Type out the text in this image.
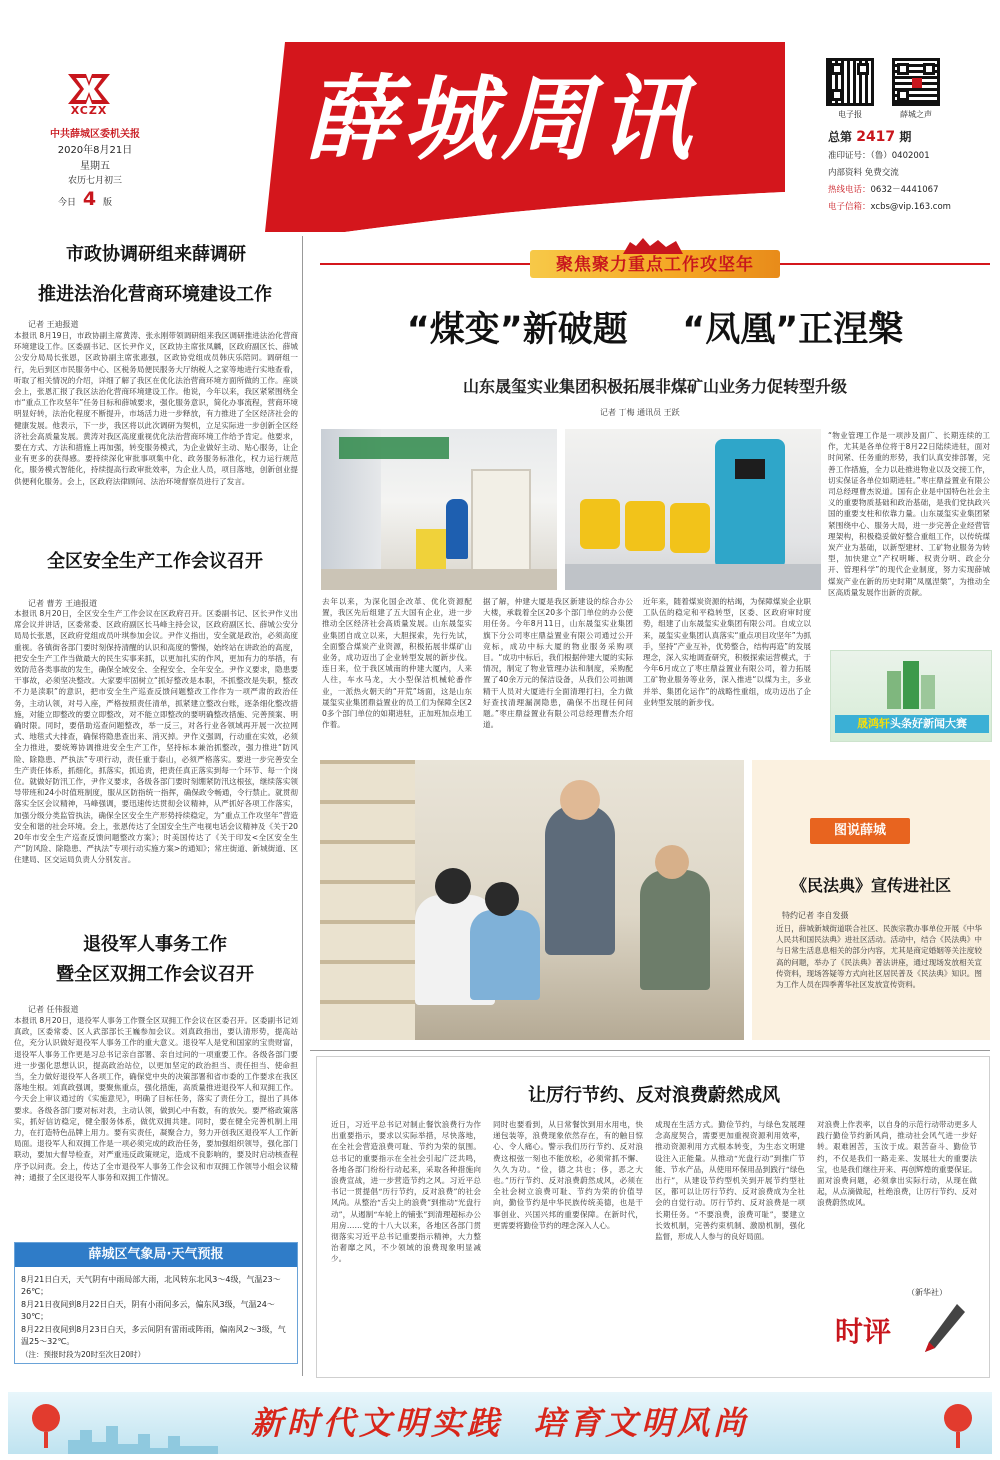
XCZX
中共薛城区委机关报
2020年8月21日
星期五
农历七月初三
今日 4 版
薛城周讯	电子报	薛城之声
总第 2417 期
准印证号：（鲁）0402001
内部资料 免费交流
热线电话：0632－4441067
电子信箱：xcbs@vip.163.com
市政协调研组来薛调研
推进法治化营商环境建设工作
记者 王迪报道
本报讯 8月19日，市政协副主席黄涛、张永刚带领调研组来我区调研推进法治化营商环境建设工作。区委副书记、区长尹作义，区政协主席张凤麟，区政府副区长、薛城公安分局局长张恩，区政协副主席张惠强，区政协党组成员韩庆乐陪同。调研组一行，先后到区市民服务中心、区税务局便民服务大厅纳税人之家等地进行实地查看，听取了相关情况的介绍，详细了解了我区在优化法治营商环境方面所做的工作。座谈会上，张恩汇报了我区法治化营商环境建设工作。他说，今年以来，我区紧紧围绕全市“重点工作攻坚年”任务目标和薛城要求，强化服务意识，简化办事流程，营商环境明显好转，法治化程度不断提升，市场活力进一步释放，有力推进了全区经济社会的健康发展。他表示，下一步，我区将以此次调研为契机，立足实际进一步创新全区经济社会高质量发展。黄涛对我区高度重视优化法治营商环境工作给予肯定。他要求，要在方式、方法和措施上再加强，转变服务模式，为企业做好主动、贴心服务，让企业有更多的获得感。要持续深化审批事项集中化、政务服务标准化，权力运行规范化，服务模式智能化，持续提高行政审批效率，为企业人员，项目落地，创新创业提供便利化服务。会上，区政府法律顾问、法治环境督察员进行了发言。
全区安全生产工作会议召开
记者 曹芳 王迪报道
本报讯 8月20日，全区安全生产工作会议在区政府召开。区委副书记、区长尹作义出席会议并讲话，区委常委、区政府副区长马峰主持会议，区政府副区长、薛城公安分局局长张恩，区政府党组成员叶琪参加会议。尹作义指出，安全就是政治，必须高度重视。各镇街各部门要时刻保持清醒的认识和高度的警惕，始终站在讲政治的高度，把安全生产工作当做最大的民生实事来抓，以更加扎实的作风，更加有力的举措，有效防范各类事故的发生，确保全域安全、全程安全、全年安全。尹作义要求，隐患要干事故，必须坚决整改。大家要牢固树立“抓好整改是本职，不抓整改是失职，整改不力是渎职”的意识，把市安全生产巡查反馈问题整改工作作为一项严肃的政治任务，主动认领，对号入座，严格按照责任清单，抓紧建立整改台账，逐条细化整改措施，对能立即整改的要立即整改，对不能立即整改的要明确整改措施、完善预案、明确时限。同时，要借助巡查问题整改，举一反三，对各行业各领域再开展一次拉网式、地毯式大排查，确保将隐患查出来、消灭掉。尹作义强调，行动重在实效，必须全力推进，要统筹协调推进安全生产工作，坚持标本兼治抓整改，强力推进“防风险、除隐患、严执法”专项行动，责任重于泰山，必须严格落实。要进一步完善安全生产责任体系，抓细化，抓落实，抓追责，把责任真正落实到每一个环节、每一个岗位。就做好防汛工作，尹作义要求，各级各部门要时刻绷紧防汛这根弦，继续落实领导带班和24小时值班制度，服从区防指统一指挥，确保政令畅通，令行禁止。就贯彻落实全区会议精神，马峰强调，要迅速传达贯彻会议精神，从严抓好各项工作落实，加强分级分类监管执法，确保全区安全生产形势持续稳定，为“重点工作攻坚年”营造安全和谐的社会环境。会上，张恩传达了全国安全生产电视电话会议精神及《关于2020年市安全生产巡查反馈问题整改方案》；时美国传达了《关于印发<全区安全生产“防风险、除隐患、严执法”专项行动实施方案>的通知》；常庄街道、新城街道、区住建局、区交运局负责人分别发言。
退役军人事务工作
暨全区双拥工作会议召开
记者 任伟报道
本报讯 8月20日，退役军人事务工作暨全区双拥工作会议在区委召开。区委副书记刘真政，区委常委、区人武部部长王巍参加会议。刘真政指出，要认清形势，提高站位，充分认识做好退役军人事务工作的重大意义。退役军人是党和国家的宝贵财富，退役军人事务工作更是习总书记亲自部署、亲自过问的一项重要工作。各级各部门要进一步强化思想认识，提高政治站位，以更加坚定的政治担当、责任担当、使命担当，全力做好退役军人各项工作，确保党中央的决策部署和省市委的工作要求在我区落地生根。刘真政强调，要聚焦重点，强化措施，高质量推进退役军人和双拥工作。今天会上审议通过的《实施意见》，明确了目标任务，落实了责任分工，提出了具体要求。各级各部门要对标对表，主动认领，做到心中有数，有的放矢。要严格政策落实，抓好信访稳定，健全服务体系，做优双拥共建。同时，要在健全完善机制上用力，在打造特色品牌上用力。要有实责任，凝聚合力，努力开创我区退役军人工作新局面。退役军人和双拥工作是一项必须完成的政治任务，要加强组织领导，强化部门联动，要加大督导检查，对严重违反政策规定，造成不良影响的，要及时启动核查程序予以问责。会上，传达了全市退役军人事务工作会议和市双拥工作领导小组会议精神；通报了全区退役军人事务和双拥工作情况。
薛城区气象局·天气预报
8月21日白天，天气阴有中雨局部大雨，北风转东北风3～4级，气温23～26℃；
8月21日夜间到8月22日白天，阴有小雨间多云，偏东风3级，气温24～30℃；
8月22日夜间到8月23日白天，多云间阴有雷雨或阵雨，偏南风2～3级，气温25～32℃。
（注：预报时段为20时至次日20时）
聚焦聚力重点工作攻坚年
“煤变”新破题 “凤凰”正涅槃
山东晟玺实业集团积极拓展非煤矿山业务力促转型升级
记者 丁梅 通讯员 王跃
去年以来，为深化国企改革、优化资源配置，我区先后组建了五大国有企业，进一步推动全区经济社会高质量发展。山东晟玺实业集团自成立以来，大胆探索，先行先试，全面整合煤炭产业资源，积极拓展非煤矿山业务，成功迈出了企业转型发展的新步伐。连日来，位于我区城南的仲建大厦内，人来人往，车水马龙，大小型保洁机械轮番作业，一派热火朝天的“开荒”场面，这是山东晟玺实业集团鼎益置业的员工们为保障全区20多个部门单位的如期进驻，正加班加点地工作着。
据了解，仲建大厦是我区新建设的综合办公大楼，承载着全区20多个部门单位的办公使用任务。今年8月11日，山东晟玺实业集团旗下分公司枣庄鼎益置业有限公司通过公开竞标，成功中标大厦的物业服务采购项目。“成功中标后，我们根据仲建大厦的实际情况，制定了物业管理办法和制度，采购配置了40余万元的保洁设备，从我们公司抽调精干人员对大厦进行全面清理打扫，全力做好查找清理漏洞隐患，确保不出现任何问题。”枣庄鼎益置业有限公司总经理曹杰介绍道。
近年来，随着煤炭资源的枯竭，为保障煤炭企业职工队伍的稳定和平稳转型，区委、区政府审时度势，组建了山东晟玺实业集团有限公司。自成立以来，晟玺实业集团认真落实“重点项目攻坚年”为抓手，坚持“产业互补，优势整合，结构再造”的发展理念，深入实地调查研究，积极探索运营模式，于今年6月成立了枣庄鼎益置业有限公司，着力拓展工矿物业服务等业务，深入推进“以煤为主，多业并举、集团化运作”的战略性重组，成功迈出了企业转型发展的新步伐。
“物业管理工作是一项涉及面广、长期连续的工作，尤其是各单位将于8月22日陆续进驻，面对时间紧、任务重的形势，我们认真安排部署，完善工作措施，全力以赴推进物业以及交接工作，切实保证各单位如期进驻。”枣庄鼎益置业有限公司总经理曹杰说道。国有企业是中国特色社会主义的重要物质基础和政治基础，是我们党执政兴国的重要支柱和依靠力量。山东晟玺实业集团紧紧围绕中心、服务大局，进一步完善企业经营管理架构，积极稳妥做好整合重组工作，以传统煤炭产业为基础，以新型建材、工矿物业服务为转型，加快建立“产权明晰、权责分明、政企分开、管理科学”的现代企业制度，努力实现薛城煤炭产业在新的历史时期“凤凰涅槃”，为推动全区高质量发展作出新的贡献。
晟鸿轩头条好新闻大赛
图说薛城
《民法典》宣传进社区
特约记者 李自发摄
近日，薛城新城街道联合社区、民族宗教办事单位开展《中华人民共和国民法典》进社区活动。活动中，结合《民法典》中与日常生活息息相关的部分内容，尤其是商定婚姻等关注度较高的问题，举办了《民法典》普法讲座，通过现场发放相关宣传资料，现场答疑等方式向社区居民普及《民法典》知识。图为工作人员在四季菁华社区发放宣传资料。
让厉行节约、反对浪费蔚然成风
近日，习近平总书记对制止餐饮浪费行为作出重要指示，要求以实际举措，尽快落地，在全社会营造浪费可耻、节约为荣的氛围。总书记的重要指示在全社会引起广泛共鸣，各地各部门纷纷行动起来，采取各种措施向浪费宣战，进一步营造节约之风。习近平总书记一贯提倡“历行节约，反对浪费”的社会风尚。从整治“舌尖上的浪费”到推动“光盘行动”，从遏制“车轮上的铺张”到清理超标办公用房……党的十八大以来，各地区各部门贯彻落实习近平总书记重要指示精神，大力整治奢靡之风，不少领域的浪费现象明显减少。
同时也要看到，从日常餐饮到用水用电，快递包装等，浪费现象依然存在，有的触目惊心、令人痛心。警示我们历行节约、反对浪费这根弦一刻也不能放松，必须常抓不懈、久久为功。“俭，德之共也；侈，恶之大也。”历行节约、反对浪费蔚然成风，必须在全社会树立浪费可耻、节约为荣的价值导向，勤俭节约是中华民族传统美德，也是干事创业、兴国兴邦的重要保障。在新时代，更需要将勤俭节约的理念深入人心。
成现在生活方式。勤俭节约，与绿色发展理念高度契合，需要更加重视资源利用效率，推动资源利用方式根本转变，为生态文明建设注入正能量。从推动“光盘行动”到推广节能、节水产品，从使用环保用品到践行“绿色出行”，从建设节约型机关到开展节约型社区，都可以让厉行节约、反对浪费成为全社会的自觉行动。厉行节约、反对浪费是一项长期任务。“不要浪费，浪费可耻”，要建立长效机制，完善约束机制、激励机制，强化监督，形成人人参与的良好局面。
对浪费上作表率，以自身的示范行动带动更多人践行勤俭节约新风尚，推动社会风气进一步好转。艰难困苦，玉汝于成。艰苦奋斗、勤俭节约，不仅是我们一路走来、发展壮大的重要法宝，也是我们继往开来、再创辉煌的重要保证。面对浪费问题，必须拿出实际行动，从现在做起，从点滴做起，杜绝浪费，让厉行节约、反对浪费蔚然成风。
（新华社）
时评
新时代文明实践  培育文明风尚
